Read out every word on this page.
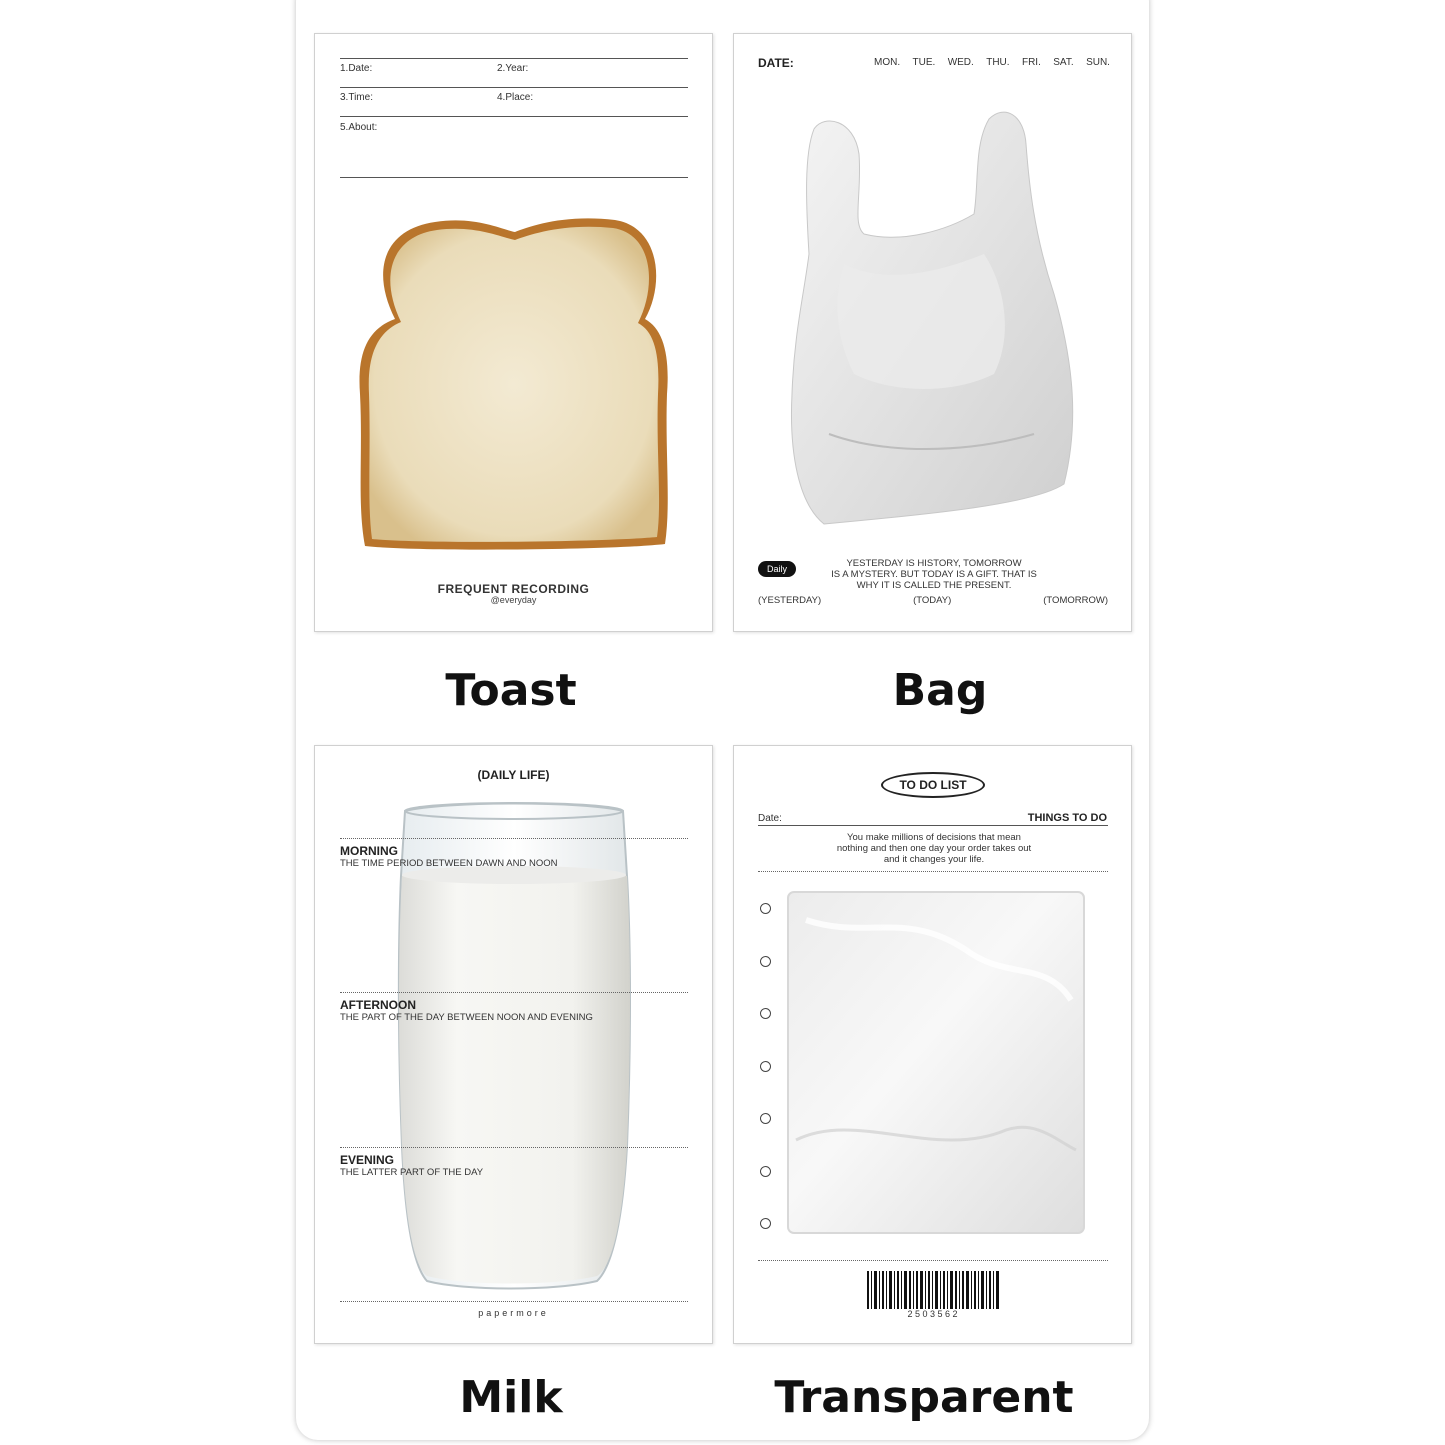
1.Date:	2.Year:
3.Time:	4.Place:
5.About:
FREQUENT RECORDING
@everyday
DATE:	MON. TUE. WED. THU. FRI. SAT. SUN.
Daily	YESTERDAY IS HISTORY, TOMORROW
IS A MYSTERY. BUT TODAY IS A GIFT. THAT IS
WHY IT IS CALLED THE PRESENT.
(YESTERDAY)	(TODAY)	(TOMORROW)
Toast	Bag
(DAILY LIFE)
MORNING
THE TIME PERIOD BETWEEN DAWN AND NOON
AFTERNOON
THE PART OF THE DAY BETWEEN NOON AND EVENING
EVENING
THE LATTER PART OF THE DAY
papermore
TO DO LIST
Date:	THINGS TO DO
You make millions of decisions that mean
nothing and then one day your order takes out
and it changes your life.
2 5 0 3 5 6 2
Milk	Transparent
